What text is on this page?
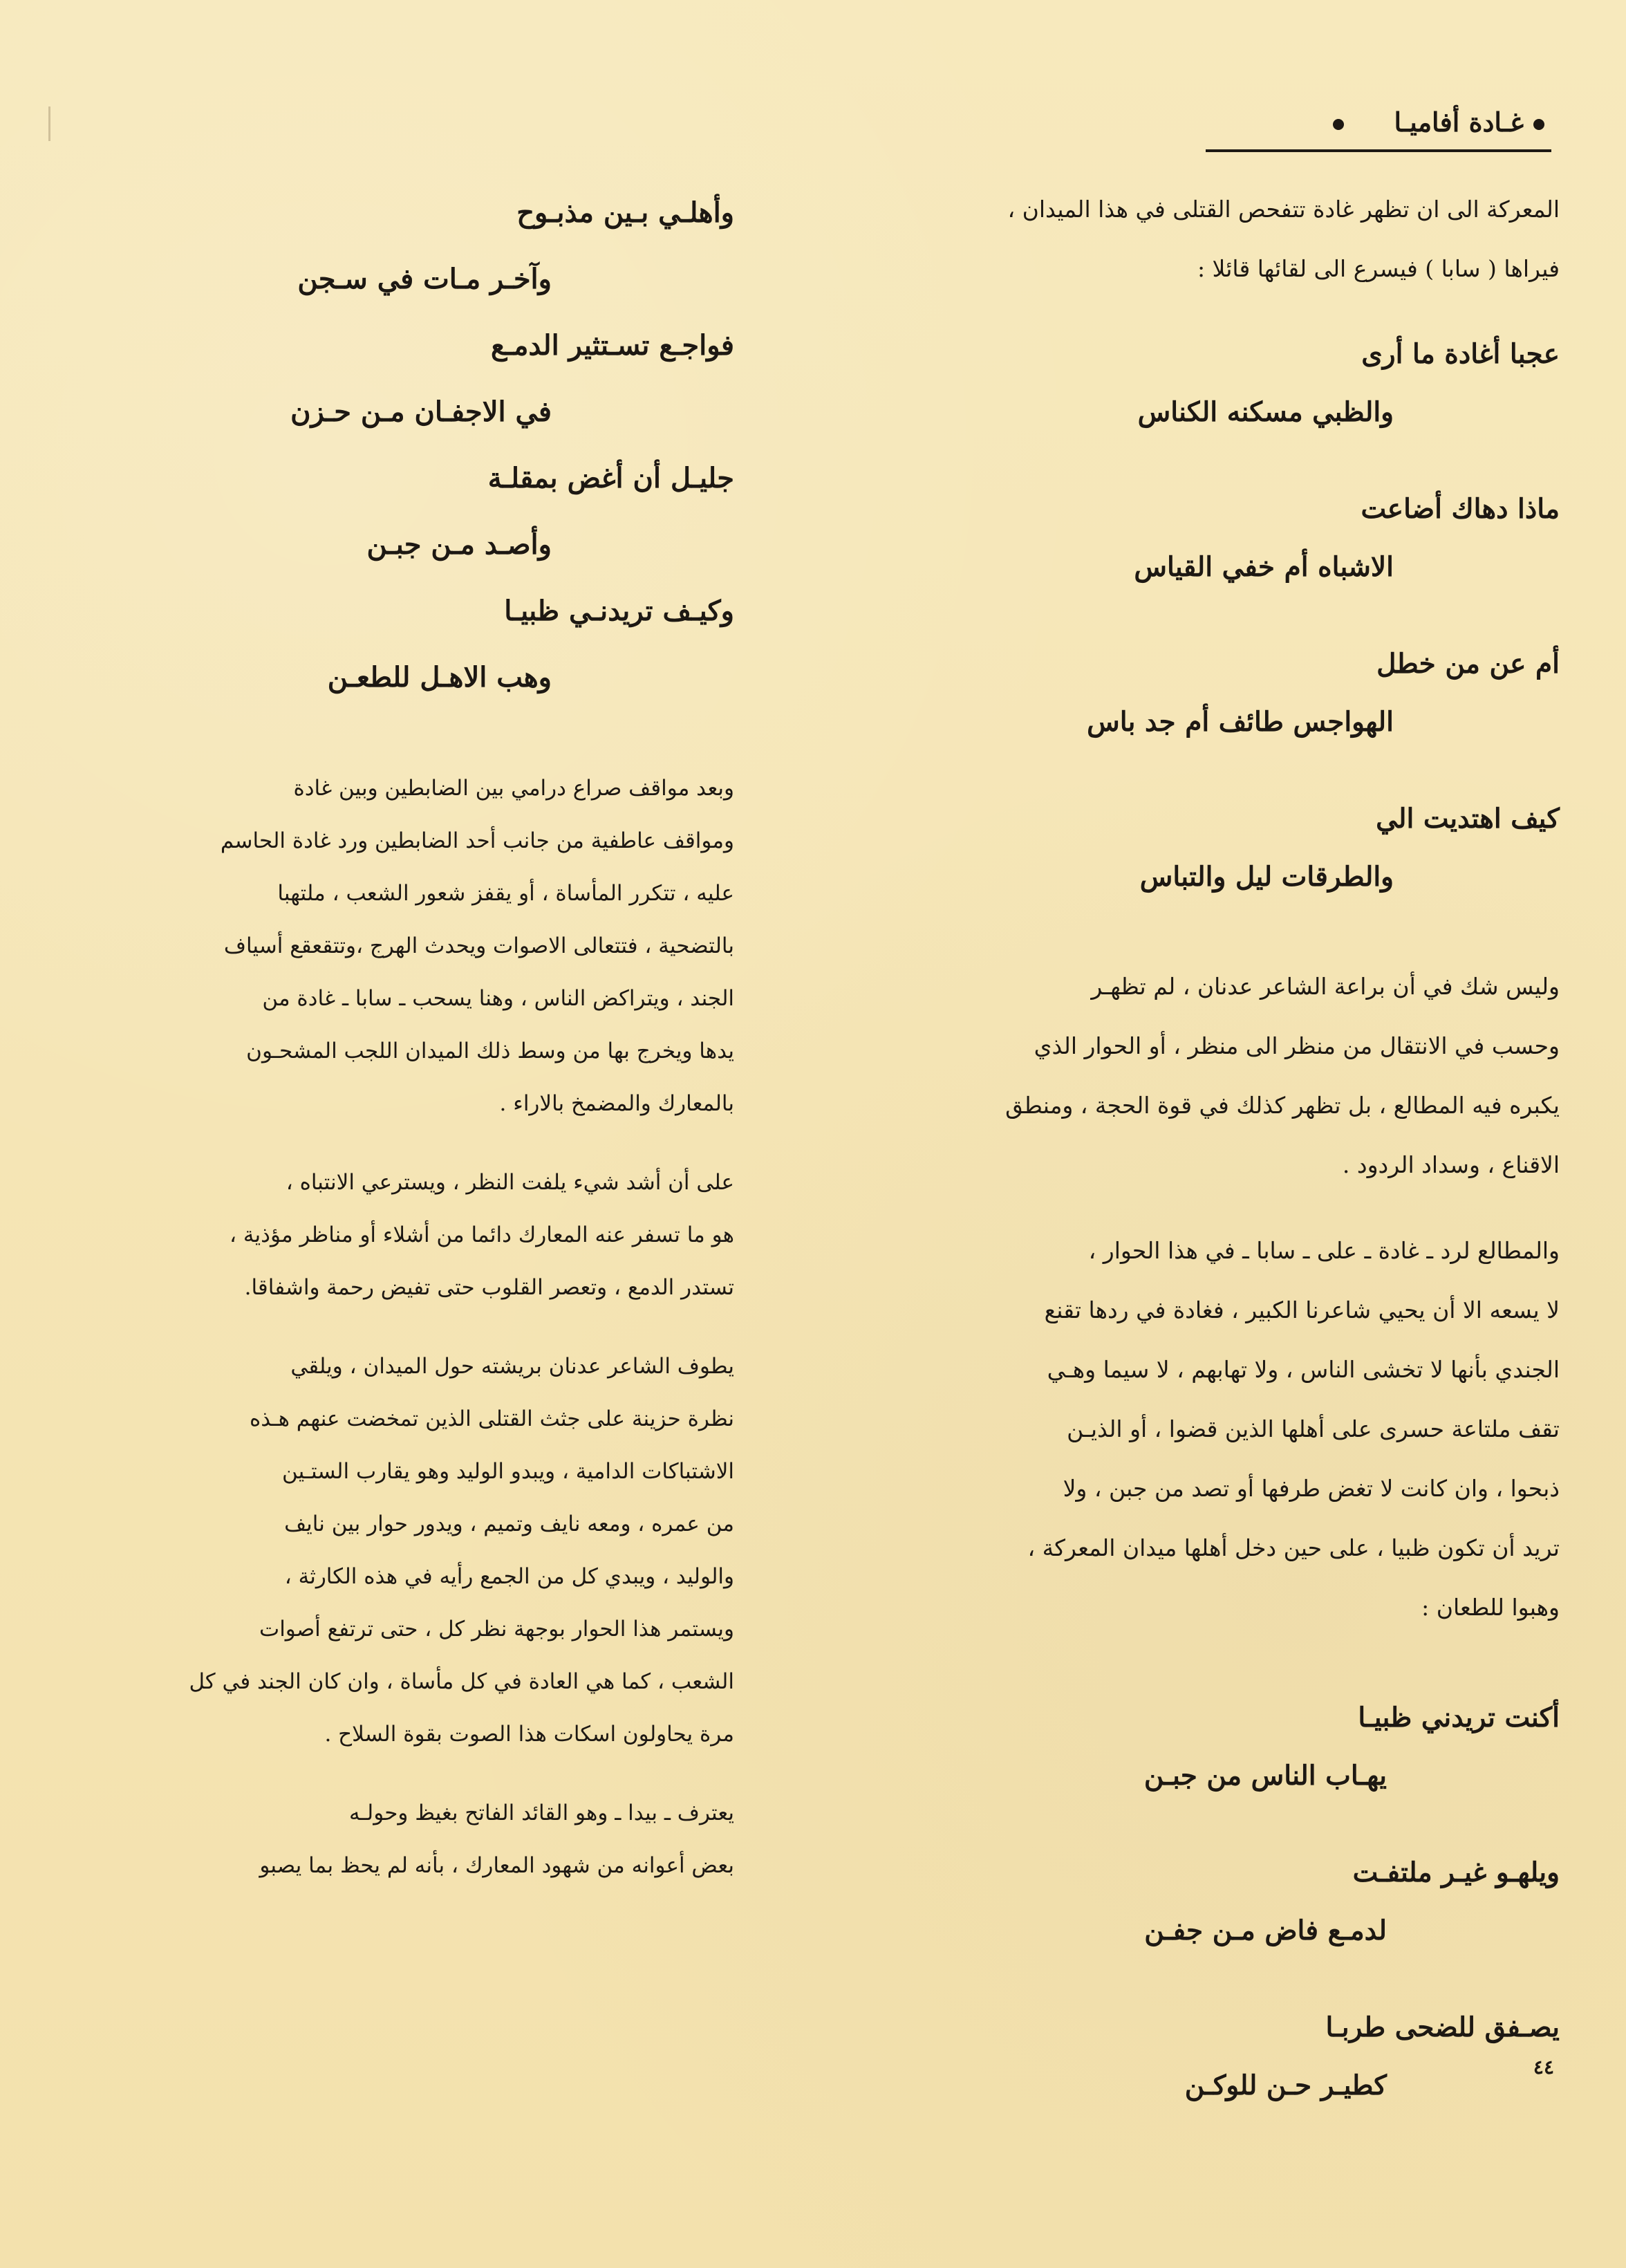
غـادة أفاميـا

المعركة الى ان تظهر غادة تتفحص القتلى في هذا الميدان ،
فيراها ( سابا ) فيسرع الى لقائها قائلا :

عجبا أغادة ما أرى
والظبي مسكنه الكناس
ماذا دهاك أضاعت
الاشباه أم خفي القياس
أم عن من خطل
الهواجس طائف أم جد باس
كيف اهتديت الي
والطرقات ليل والتباس

وليس شك في أن براعة الشاعر عدنان ، لم تظهـر
وحسب في الانتقال من منظر الى منظر ، أو الحوار الذي
يكبره فيه المطالع ، بل تظهر كذلك في قوة الحجة ، ومنطق
الاقناع ، وسداد الردود .

والمطالع لرد ـ غادة ـ على ـ سابا ـ في هذا الحوار ،
لا يسعه الا أن يحيي شاعرنا الكبير ، فغادة في ردها تقنع
الجندي بأنها لا تخشى الناس ، ولا تهابهم ، لا سيما وهـي
تقف ملتاعة حسرى على أهلها الذين قضوا ، أو الذيـن
ذبحوا ، وان كانت لا تغض طرفها أو تصد من جبن ، ولا
تريد أن تكون ظبيا ، على حين دخل أهلها ميدان المعركة ،
وهبوا للطعان :

أكنت تريدني ظبيـا
يهـاب الناس من جبـن
ويلهـو غيـر ملتفـت
لدمـع فاض مـن جفـن
يصـفق للضحى طربـا
كطيـر حـن للوكـن
وأهلـي بـين مذبـوح
وآخـر مـات في سـجن
فواجـع تسـتثير الدمـع
في الاجفـان مـن حـزن
جليـل أن أغض بمقلـة
وأصـد مـن جبـن
وكيـف تريدنـي ظبيـا
وهب الاهـل للطعـن

وبعد مواقف صراع درامي بين الضابطين وبين غادة
ومواقف عاطفية من جانب أحد الضابطين ورد غادة الحاسم
عليه ، تتكرر المأساة ، أو يقفز شعور الشعب ، ملتهبا
بالتضحية ، فتتعالى الاصوات ويحدث الهرج ،وتتقعقع أسياف
الجند ، ويتراكض الناس ، وهنا يسحب ـ سابا ـ غادة من
يدها ويخرج بها من وسط ذلك الميدان اللجب المشحـون
بالمعارك والمضمخ بالاراء .

على أن أشد شيء يلفت النظر ، ويسترعي الانتباه ،
هو ما تسفر عنه المعارك دائما من أشلاء أو مناظر مؤذية ،
تستدر الدمع ، وتعصر القلوب حتى تفيض رحمة واشفاقا.

يطوف الشاعر عدنان بريشته حول الميدان ، ويلقي
نظرة حزينة على جثث القتلى الذين تمخضت عنهم هـذه
الاشتباكات الدامية ، ويبدو الوليد وهو يقارب الستـين
من عمره ، ومعه نايف وتميم ، ويدور حوار بين نايف
والوليد ، ويبدي كل من الجمع رأيه في هذه الكارثة ،
ويستمر هذا الحوار بوجهة نظر كل ، حتى ترتفع أصوات
الشعب ، كما هي العادة في كل مأساة ، وان كان الجند في كل
مرة يحاولون اسكات هذا الصوت بقوة السلاح .

يعترف ـ بيدا ـ وهو القائد الفاتح بغيظ وحولـه
بعض أعوانه من شهود المعارك ، بأنه لم يحظ بما يصبو

٤٤
